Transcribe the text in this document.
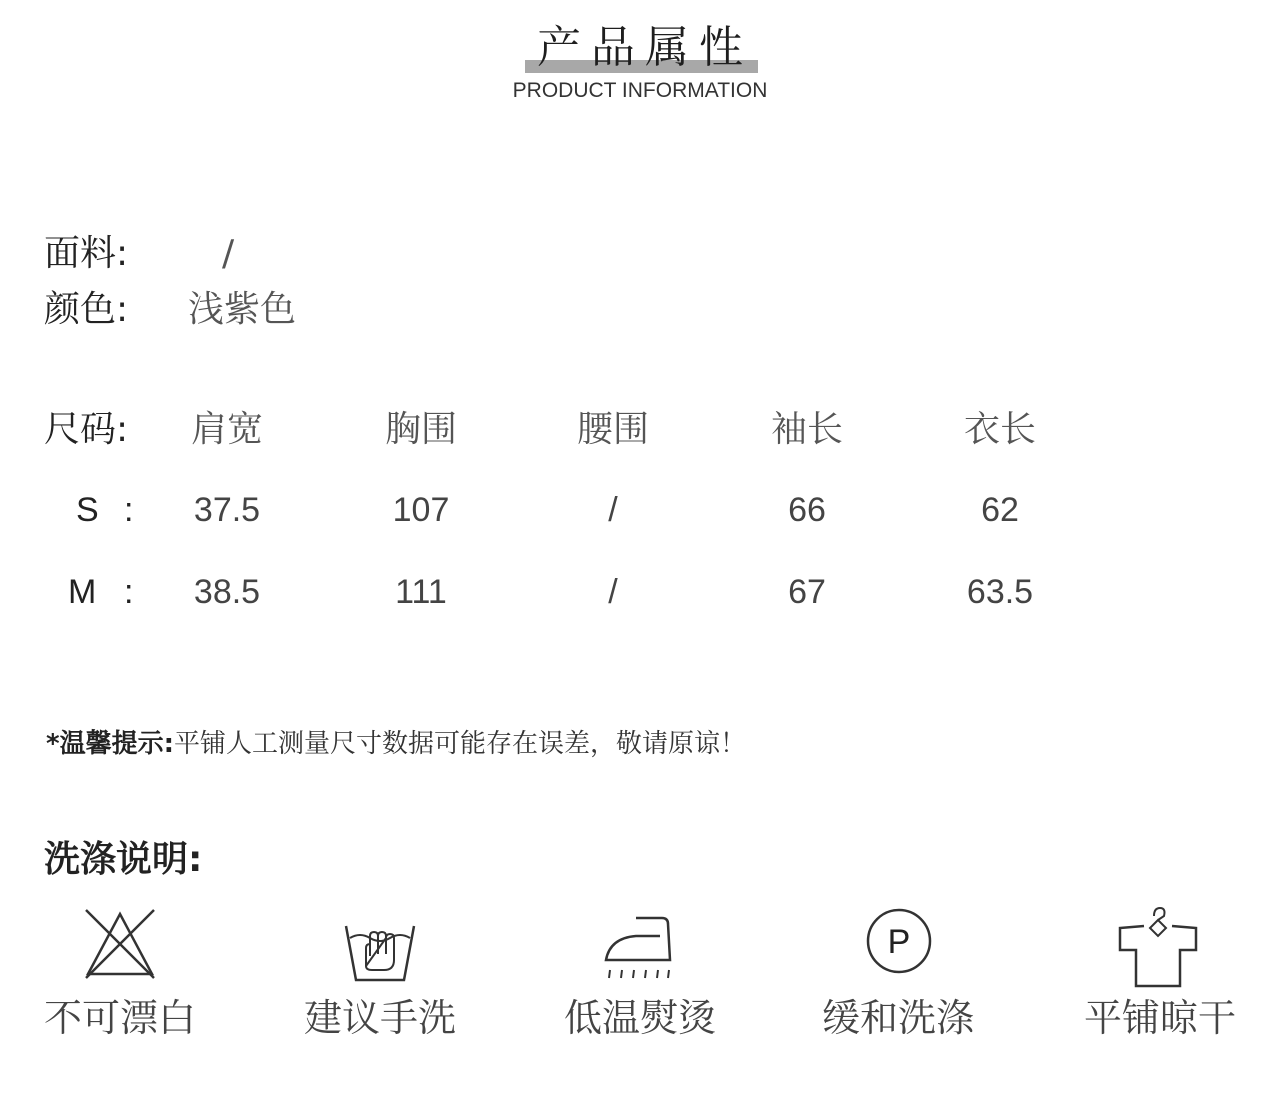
产品属性
PRODUCT INFORMATION
面料:	/
颜色: 浅紫色
尺码:	肩宽	胸围	腰围	袖长	衣长
S :	37.5	107	/	66	62
M :	38.5	111	/	67	63.5
*温馨提示:平铺人工测量尺寸数据可能存在误差，敬请原谅！
洗涤说明:
不可漂白	建议手洗	低温熨烫
P
缓和洗涤	平铺晾干
